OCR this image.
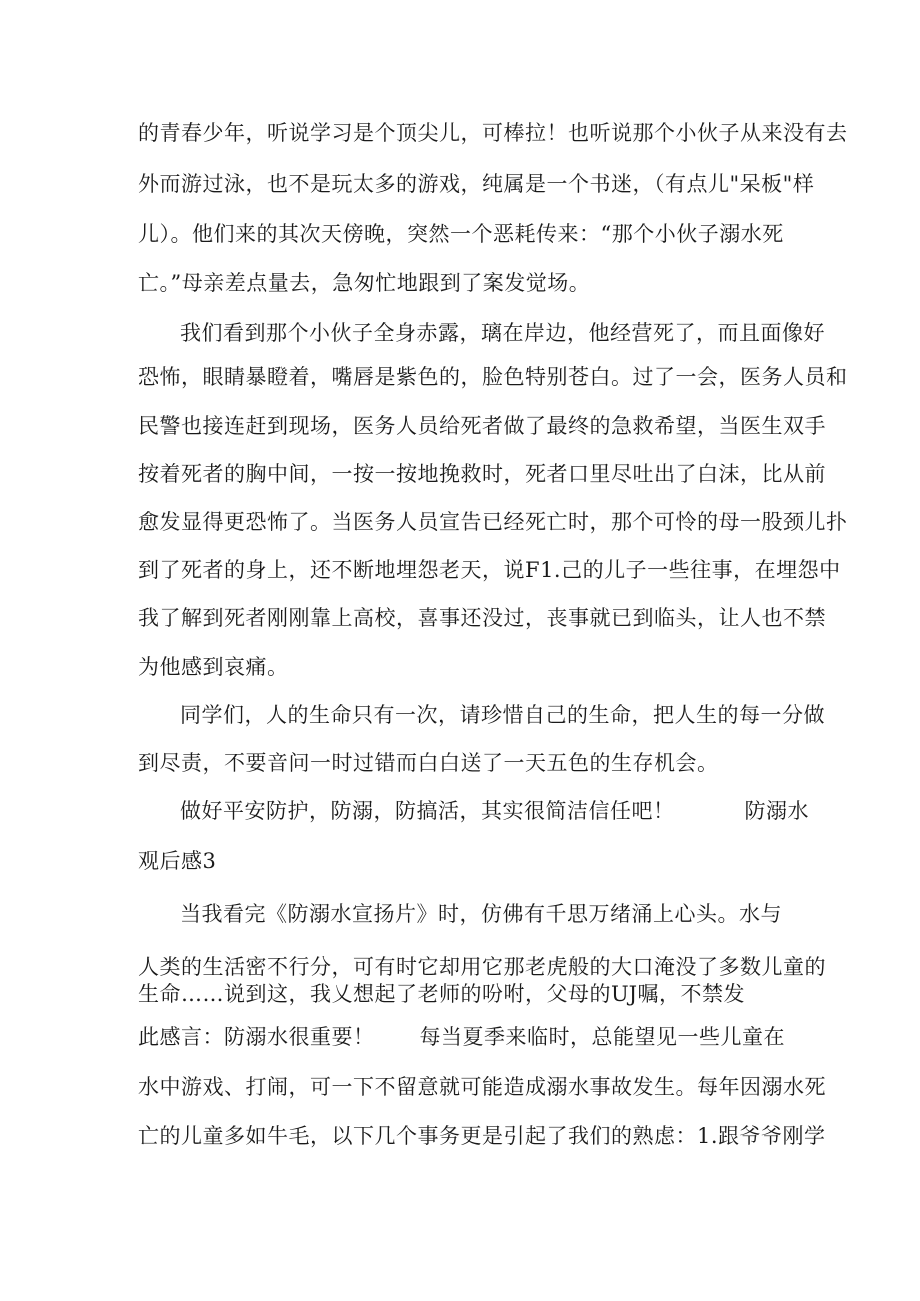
的青春少年，听说学习是个顶尖儿，可棒拉！也听说那个小伙子从来没有去
外而游过泳，也不是玩太多的游戏，纯属是一个书迷，（有点儿"呆板"样
儿）。他们来的其次天傍晚，突然一个恶耗传来：“那个小伙子溺水死
亡。”母亲差点量去，急匆忙地跟到了案发觉场。
我们看到那个小伙子全身赤露，璃在岸边，他经营死了，而且面像好
恐怖，眼睛暴瞪着，嘴唇是紫色的，脸色特别苍白。过了一会，医务人员和
民警也接连赶到现场，医务人员给死者做了最终的急救希望，当医生双手
按着死者的胸中间，一按一按地挽救时，死者口里尽吐出了白沫，比从前
愈发显得更恐怖了。当医务人员宣告已经死亡时，那个可怜的母一股颈儿扑
到了死者的身上，还不断地埋怨老天，说F1.己的儿子一些往事，在埋怨中
我了解到死者刚刚靠上高校，喜事还没过，丧事就已到临头，让人也不禁
为他感到哀痛。
同学们，人的生命只有一次，请珍惜自己的生命，把人生的每一分做
到尽责，不要音问一时过错而白白送了一天五色的生存机会。
做好平安防护，防溺，防搞活，其实很简洁信任吧！	防溺水
观后感3
当我看完《防溺水宣扬片》时，仿佛有千思万绪涌上心头。水与
人类的生活密不行分，可有时它却用它那老虎般的大口淹没了多数儿童的
生命……说到这，我乂想起了老师的吩咐，父母的UJ嘱，不禁发
此感言：防溺水很重要！ 每当夏季来临时，总能望见一些儿童在
水中游戏、打闹，可一下不留意就可能造成溺水事故发生。每年因溺水死
亡的儿童多如牛毛，以下几个事务更是引起了我们的熟虑：1.跟爷爷刚学
